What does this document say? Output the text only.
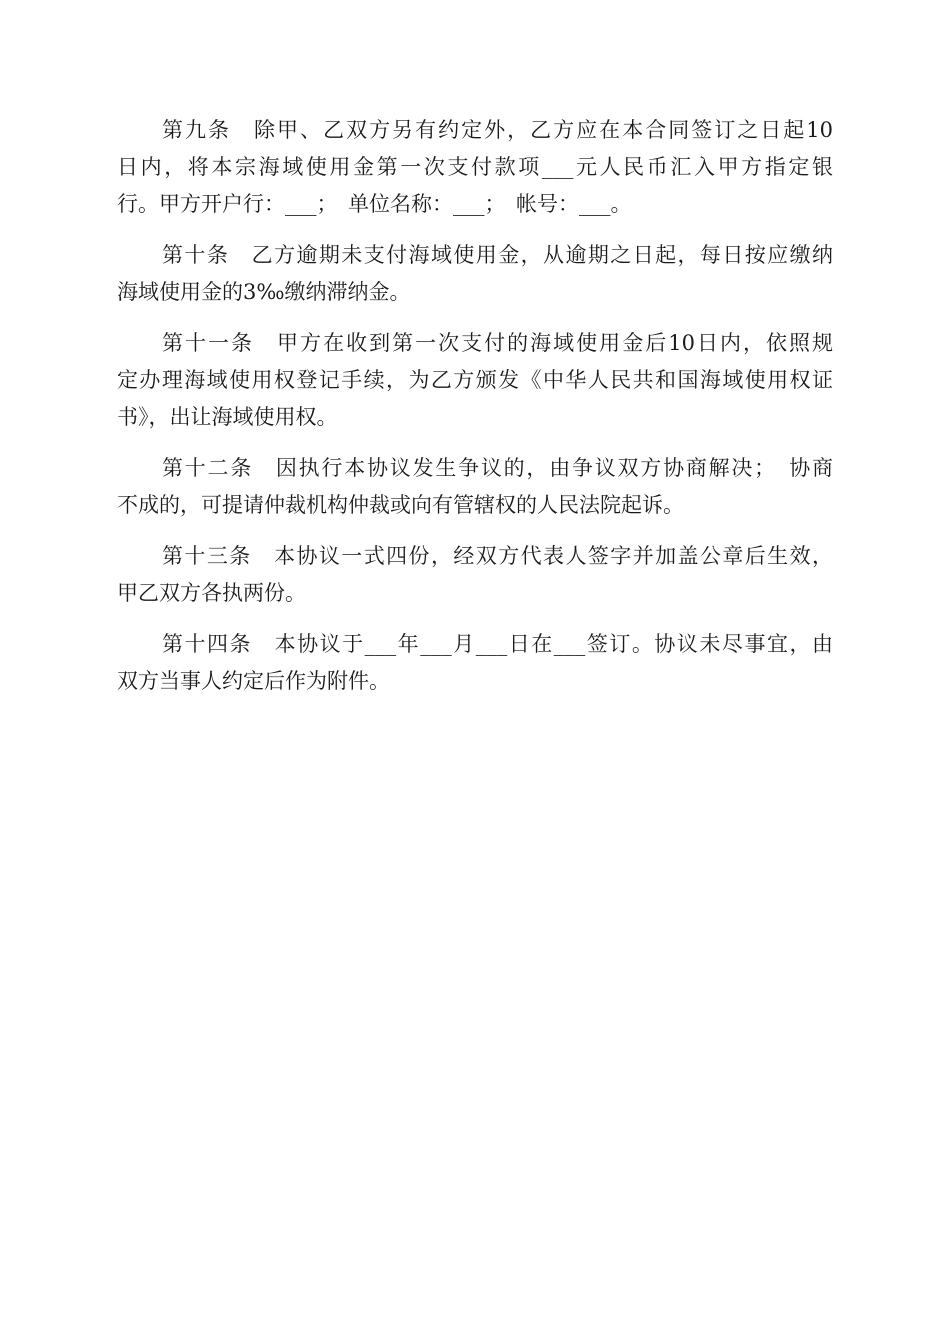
第九条　除甲、乙双方另有约定外，乙方应在本合同签订之日起10
日内，将本宗海域使用金第一次支付款项___元人民币汇入甲方指定银
行。甲方开户行：___；　单位名称：___；　帐号：___。
第十条　乙方逾期未支付海域使用金，从逾期之日起，每日按应缴纳
海域使用金的3‰缴纳滞纳金。
第十一条　甲方在收到第一次支付的海域使用金后10日内，依照规
定办理海域使用权登记手续，为乙方颁发《中华人民共和国海域使用权证
书》，出让海域使用权。
第十二条　因执行本协议发生争议的，由争议双方协商解决；　协商
不成的，可提请仲裁机构仲裁或向有管辖权的人民法院起诉。
第十三条　本协议一式四份，经双方代表人签字并加盖公章后生效，
甲乙双方各执两份。
第十四条　本协议于___年___月___日在___签订。协议未尽事宜，由
双方当事人约定后作为附件。
